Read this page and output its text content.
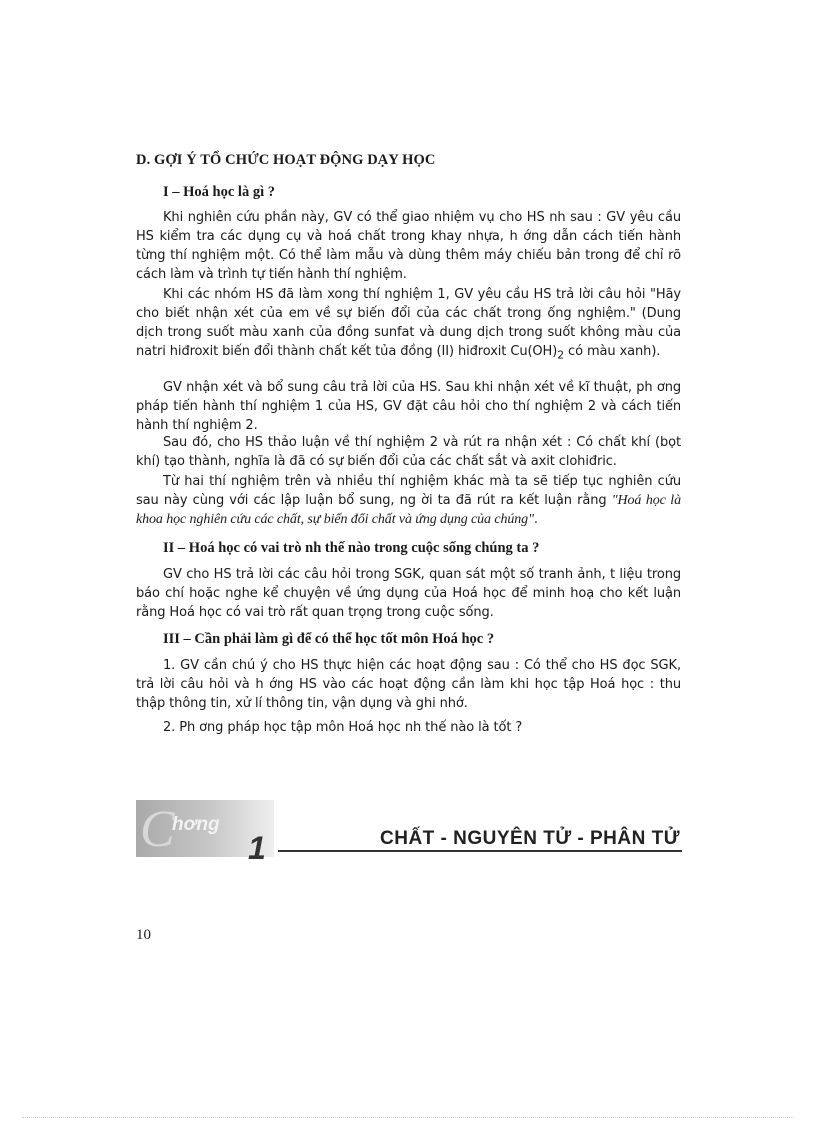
D. GỢI Ý TỔ CHỨC HOẠT ĐỘNG DẠY HỌC
I – Hoá học là gì ?
Khi nghiên cứu phần này, GV có thể giao nhiệm vụ cho HS nh sau : GV yêu cầu HS kiểm tra các dụng cụ và hoá chất trong khay nhựa, h ớng dẫn cách tiến hành từng thí nghiệm một. Có thể làm mẫu và dùng thêm máy chiếu bản trong để chỉ rõ cách làm và trình tự tiến hành thí nghiệm.
Khi các nhóm HS đã làm xong thí nghiệm 1, GV yêu cầu HS trả lời câu hỏi "Hãy cho biết nhận xét của em về sự biến đổi của các chất trong ống nghiệm." (Dung dịch trong suốt màu xanh của đồng sunfat và dung dịch trong suốt không màu của natri hiđroxit biến đổi thành chất kết tủa đồng (II) hiđroxit $Cu(OH)_2$ có màu xanh).
GV nhận xét và bổ sung câu trả lời của HS. Sau khi nhận xét về kĩ thuật, ph ơng pháp tiến hành thí nghiệm 1 của HS, GV đặt câu hỏi cho thí nghiệm 2 và cách tiến hành thí nghiệm 2.
Sau đó, cho HS thảo luận về thí nghiệm 2 và rút ra nhận xét : Có chất khí (bọt khí) tạo thành, nghĩa là đã có sự biến đổi của các chất sắt và axit clohiđric.
Từ hai thí nghiệm trên và nhiều thí nghiệm khác mà ta sẽ tiếp tục nghiên cứu sau này cùng với các lập luận bổ sung, ng ời ta đã rút ra kết luận rằng "Hoá học là khoa học nghiên cứu các chất, sự biến đổi chất và ứng dụng của chúng".
II – Hoá học có vai trò nh thế nào trong cuộc sống chúng ta ?
GV cho HS trả lời các câu hỏi trong SGK, quan sát một số tranh ảnh, t liệu trong báo chí hoặc nghe kể chuyện về ứng dụng của Hoá học để minh hoạ cho kết luận rằng Hoá học có vai trò rất quan trọng trong cuộc sống.
III – Cần phải làm gì để có thể học tốt môn Hoá học ?
1. GV cần chú ý cho HS thực hiện các hoạt động sau : Có thể cho HS đọc SGK, trả lời câu hỏi và h ớng HS vào các hoạt động cần làm khi học tập Hoá học : thu thập thông tin, xử lí thông tin, vận dụng và ghi nhớ.
2. Ph ơng pháp học tập môn Hoá học nh thế nào là tốt ?
C
hơng
1	CHẤT - NGUYÊN TỬ - PHÂN TỬ
10
